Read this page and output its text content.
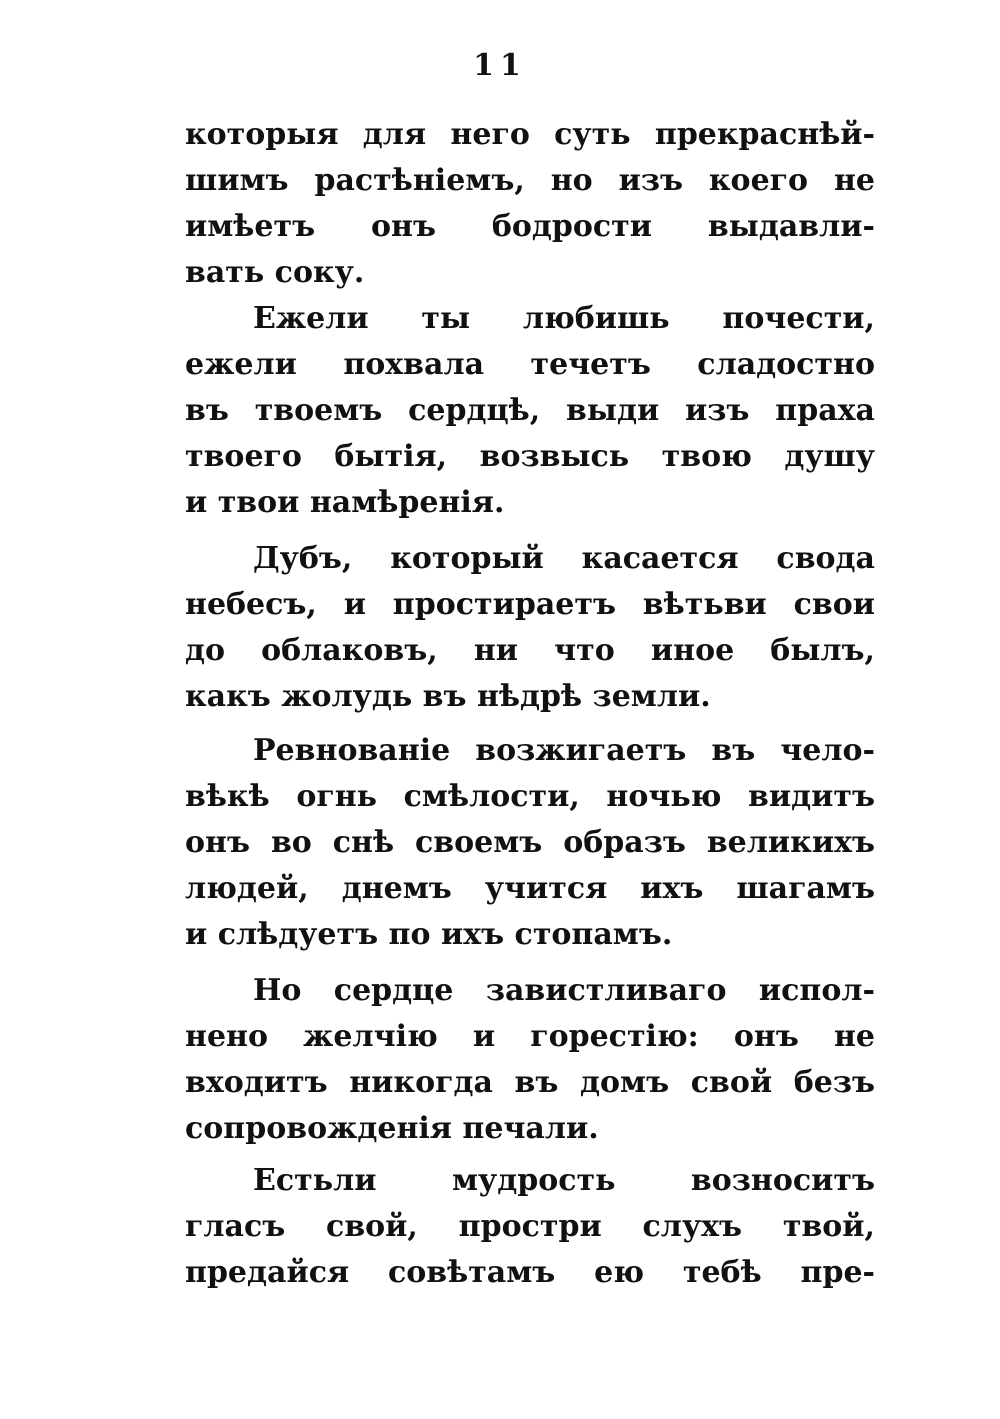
11
которыя для него суть прекраснѣй-
шимъ растѣніемъ, но изъ коего не
имѣетъ онъ бодрости выдавли-
вать соку.
Ежели ты любишь почести,
ежели похвала течетъ сладостно
въ твоемъ сердцѣ, выди изъ праха
твоего бытія, возвысь твою душу
и твои намѣренія.
Дубъ, который касается свода
небесъ, и простираетъ вѣтьви свои
до облаковъ, ни что иное былъ,
какъ жолудь въ нѣдрѣ земли.
Ревнованіе возжигаетъ въ чело-
вѣкѣ огнь смѣлости, ночью видитъ
онъ во снѣ своемъ образъ великихъ
людей, днемъ учится ихъ шагамъ
и слѣдуетъ по ихъ стопамъ.
Но сердце завистливаго испол-
нено желчію и горестію: онъ не
входитъ никогда въ домъ свой безъ
сопровожденія печали.
Естьли мудрость возноситъ
гласъ свой, простри слухъ твой,
предайся совѣтамъ ею тебѣ пре-
